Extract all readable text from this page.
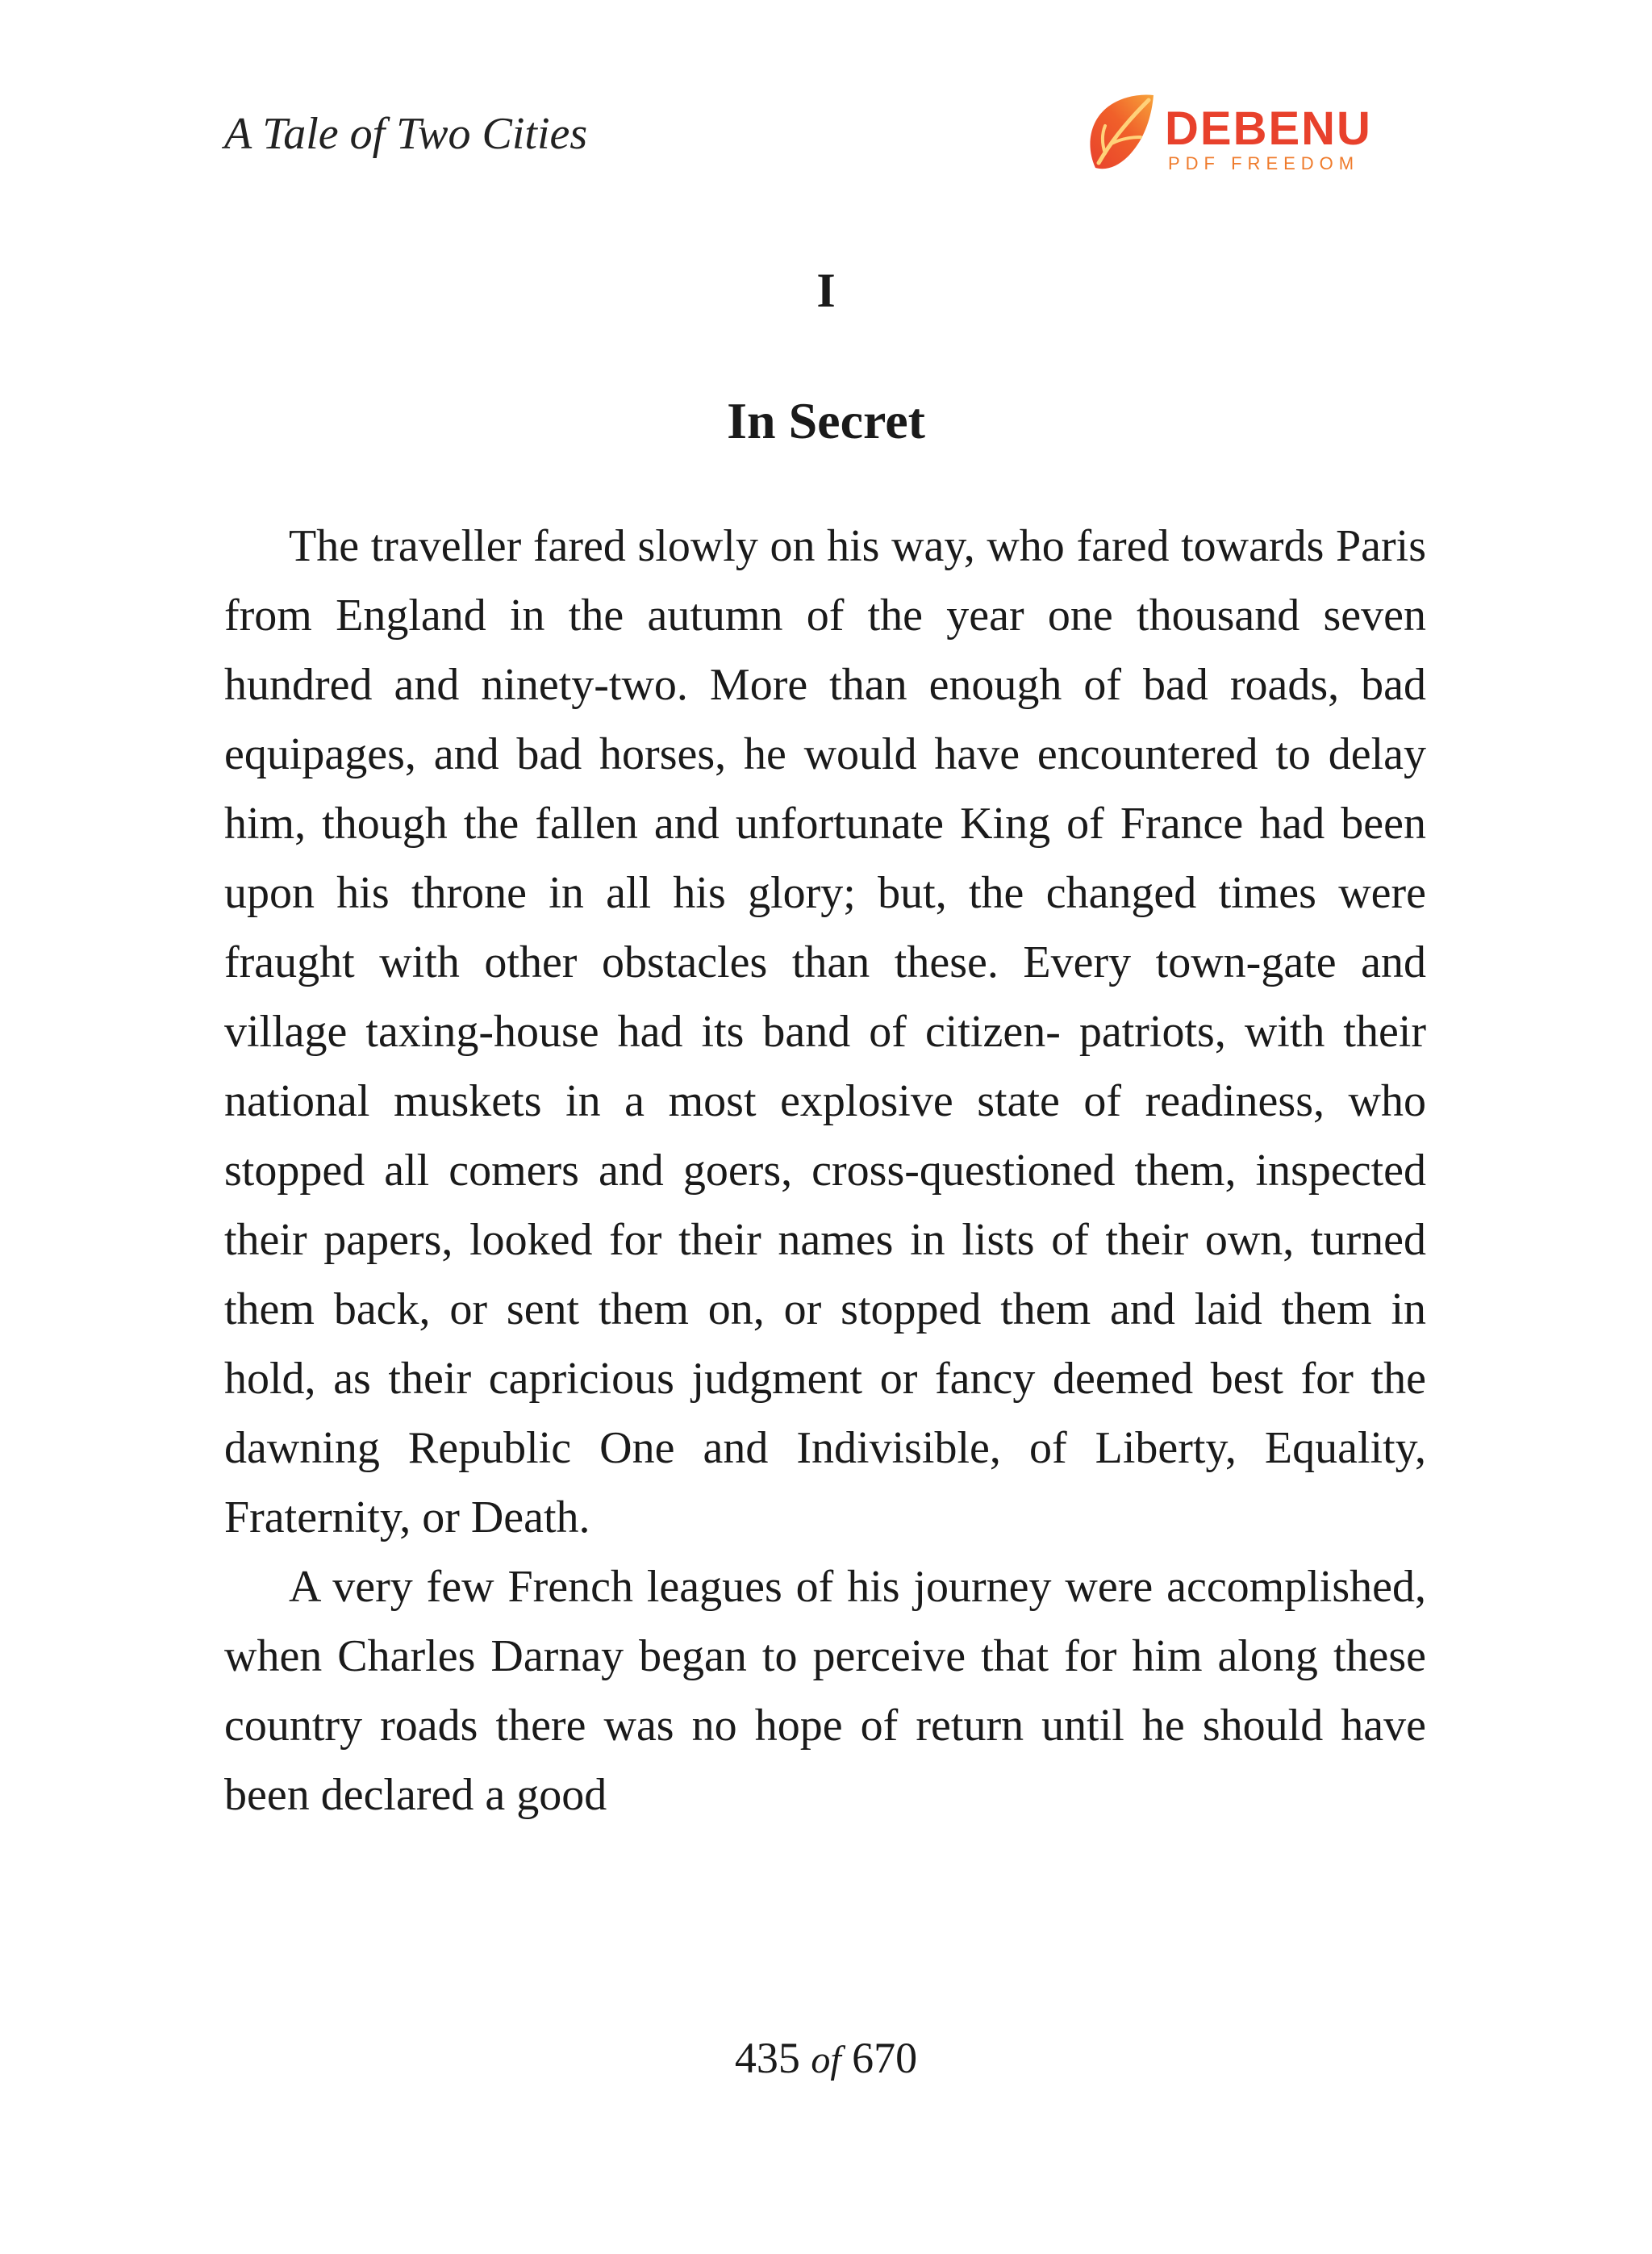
A Tale of Two Cities	DEBENU
PDF FREEDOM
I
In Secret

The traveller fared slowly on his way, who fared towards Paris from England in the autumn of the year one thousand seven hundred and ninety-two. More than enough of bad roads, bad equipages, and bad horses, he would have encountered to delay him, though the fallen and unfortunate King of France had been upon his throne in all his glory; but, the changed times were fraught with other obstacles than these. Every town-gate and village taxing-house had its band of citizen- patriots, with their national muskets in a most explosive state of readiness, who stopped all comers and goers, cross-questioned them, inspected their papers, looked for their names in lists of their own, turned them back, or sent them on, or stopped them and laid them in hold, as their capricious judgment or fancy deemed best for the dawning Republic One and Indivisible, of Liberty, Equality, Fraternity, or Death.

A very few French leagues of his journey were accomplished, when Charles Darnay began to perceive that for him along these country roads there was no hope of return until he should have been declared a good

435 of 670
